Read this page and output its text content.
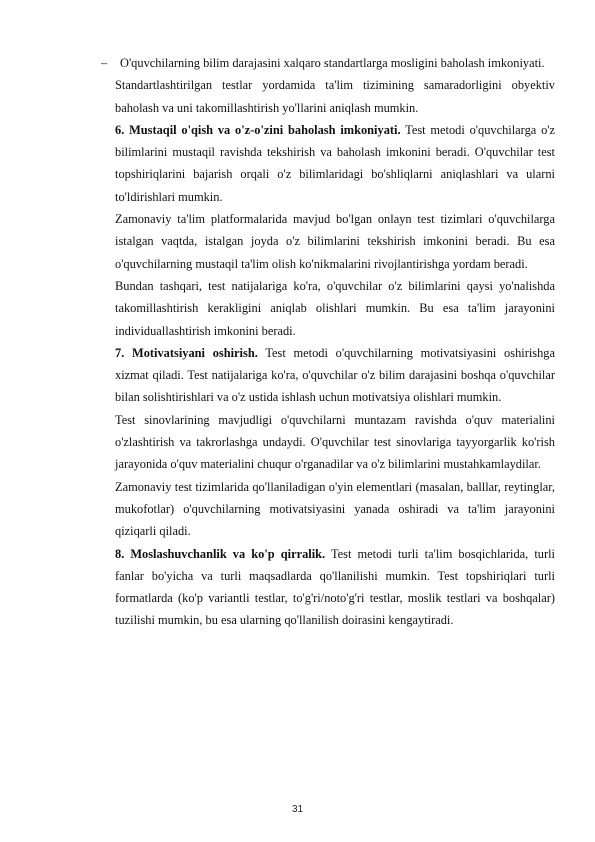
– O'quvchilarning bilim darajasini xalqaro standartlarga mosligini baholash imkoniyati.

Standartlashtirilgan testlar yordamida ta'lim tizimining samaradorligini obyektiv baholash va uni takomillashtirish yo'llarini aniqlash mumkin.

6. Mustaqil o'qish va o'z-o'zini baholash imkoniyati. Test metodi o'quvchilarga o'z bilimlarini mustaqil ravishda tekshirish va baholash imkonini beradi. O'quvchilar test topshiriqlarini bajarish orqali o'z bilimlaridagi bo'shliqlarni aniqlashlari va ularni to'ldirishlari mumkin.

Zamonaviy ta'lim platformalarida mavjud bo'lgan onlayn test tizimlari o'quvchilarga istalgan vaqtda, istalgan joyda o'z bilimlarini tekshirish imkonini beradi. Bu esa o'quvchilarning mustaqil ta'lim olish ko'nikmalarini rivojlantirishga yordam beradi.

Bundan tashqari, test natijalariga ko'ra, o'quvchilar o'z bilimlarini qaysi yo'nalishda takomillashtirish kerakligini aniqlab olishlari mumkin. Bu esa ta'lim jarayonini individuallashtirish imkonini beradi.

7. Motivatsiyani oshirish. Test metodi o'quvchilarning motivatsiyasini oshirishga xizmat qiladi. Test natijalariga ko'ra, o'quvchilar o'z bilim darajasini boshqa o'quvchilar bilan solishtirishlari va o'z ustida ishlash uchun motivatsiya olishlari mumkin.

Test sinovlarining mavjudligi o'quvchilarni muntazam ravishda o'quv materialini o'zlashtirish va takrorlashga undaydi. O'quvchilar test sinovlariga tayyorgarlik ko'rish jarayonida o'quv materialini chuqur o'rganadilar va o'z bilimlarini mustahkamlaydilar.

Zamonaviy test tizimlarida qo'llaniladigan o'yin elementlari (masalan, balllar, reytinglar, mukofotlar) o'quvchilarning motivatsiyasini yanada oshiradi va ta'lim jarayonini qiziqarli qiladi.

8. Moslashuvchanlik va ko'p qirralik. Test metodi turli ta'lim bosqichlarida, turli fanlar bo'yicha va turli maqsadlarda qo'llanilishi mumkin. Test topshiriqlari turli formatlarda (ko'p variantli testlar, to'g'ri/noto'g'ri testlar, moslik testlari va boshqalar) tuzilishi mumkin, bu esa ularning qo'llanilish doirasini kengaytiradi.

31
